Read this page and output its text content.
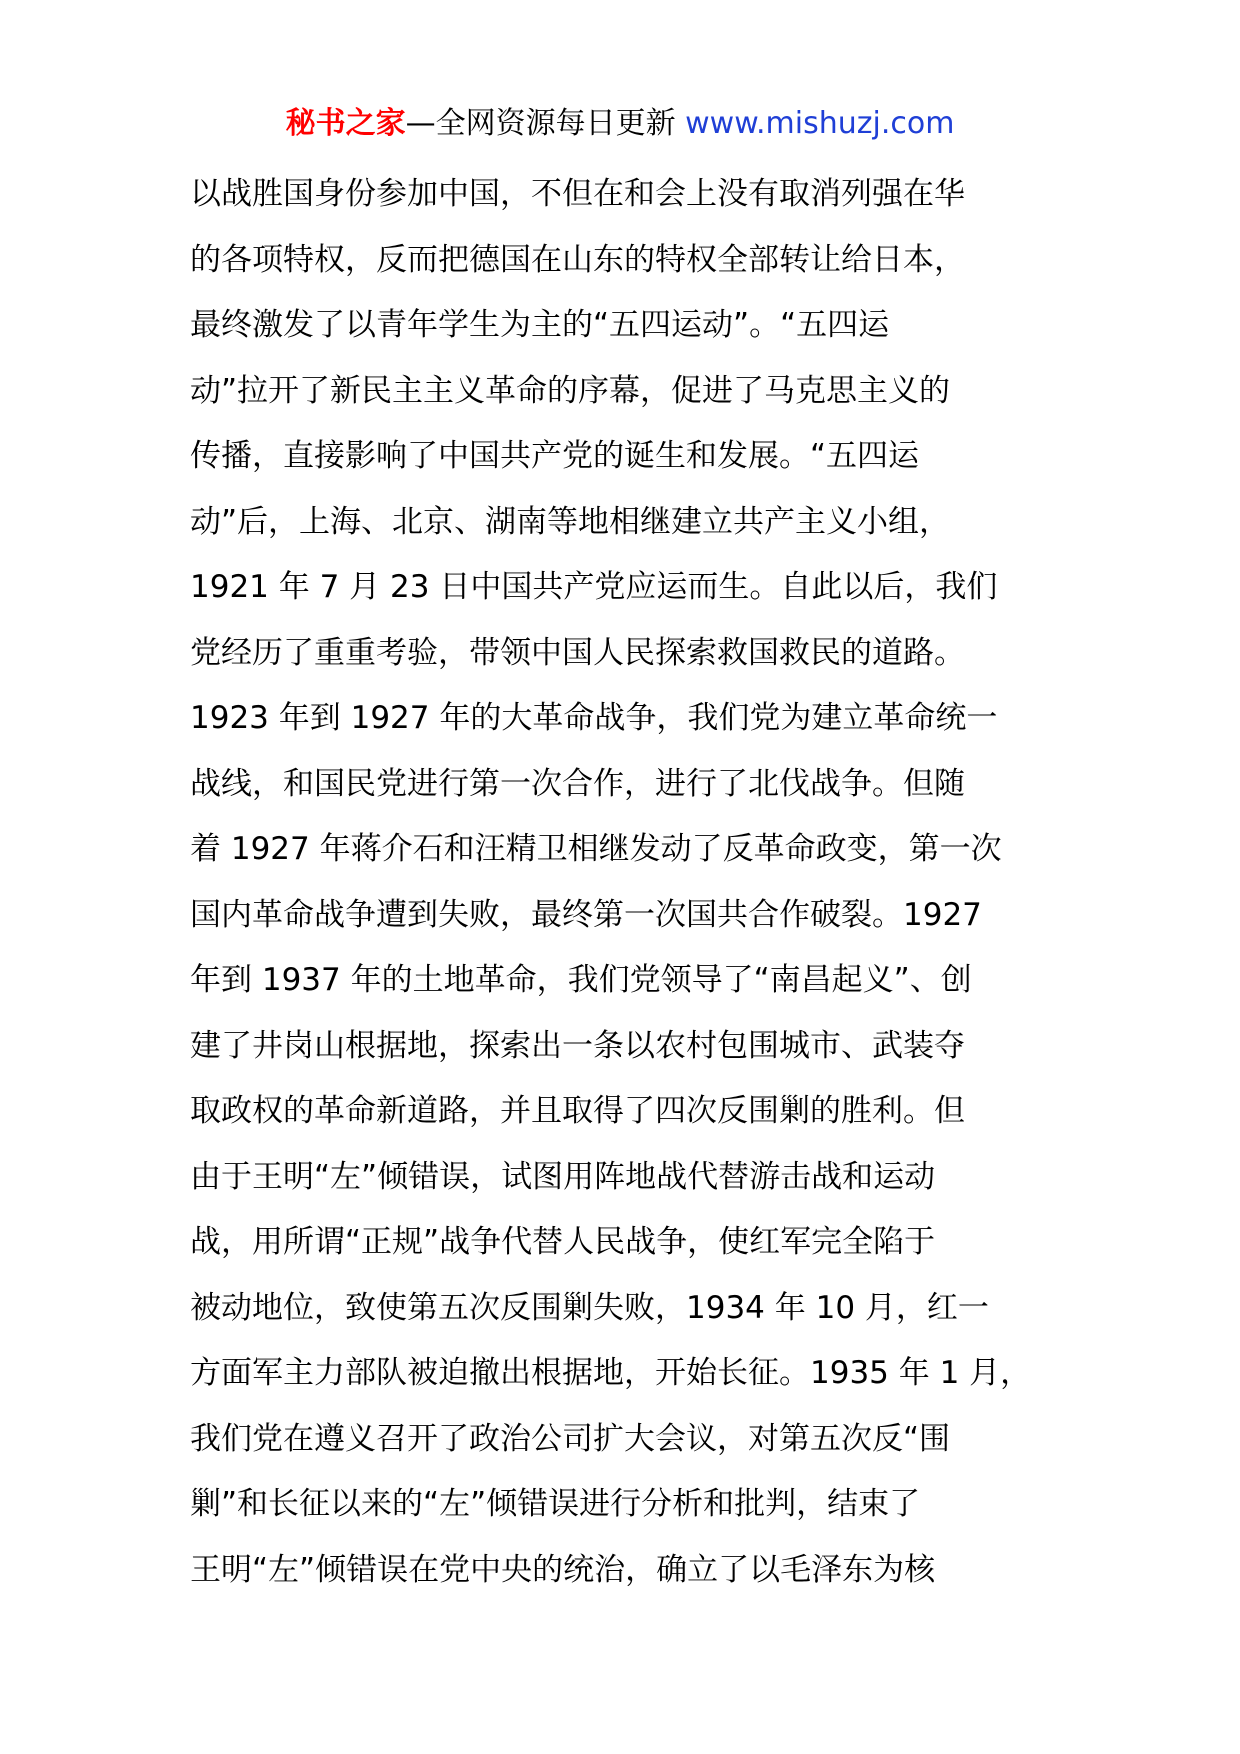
秘书之家—全网资源每日更新 www.mishuzj.com
以战胜国身份参加中国，不但在和会上没有取消列强在华
的各项特权，反而把德国在山东的特权全部转让给日本，
最终激发了以青年学生为主的“五四运动”。“五四运
动”拉开了新民主主义革命的序幕，促进了马克思主义的
传播，直接影响了中国共产党的诞生和发展。“五四运
动”后，上海、北京、湖南等地相继建立共产主义小组，
1921 年 7 月 23 日中国共产党应运而生。自此以后，我们
党经历了重重考验，带领中国人民探索救国救民的道路。
1923 年到 1927 年的大革命战争，我们党为建立革命统一
战线，和国民党进行第一次合作，进行了北伐战争。但随
着 1927 年蒋介石和汪精卫相继发动了反革命政变，第一次
国内革命战争遭到失败，最终第一次国共合作破裂。1927
年到 1937 年的土地革命，我们党领导了“南昌起义”、创
建了井岗山根据地，探索出一条以农村包围城市、武装夺
取政权的革命新道路，并且取得了四次反围剿的胜利。但
由于王明“左”倾错误，试图用阵地战代替游击战和运动
战，用所谓“正规”战争代替人民战争，使红军完全陷于
被动地位，致使第五次反围剿失败，1934 年 10 月，红一
方面军主力部队被迫撤出根据地，开始长征。1935 年 1 月，
我们党在遵义召开了政治公司扩大会议，对第五次反“围
剿”和长征以来的“左”倾错误进行分析和批判，结束了
王明“左”倾错误在党中央的统治，确立了以毛泽东为核
